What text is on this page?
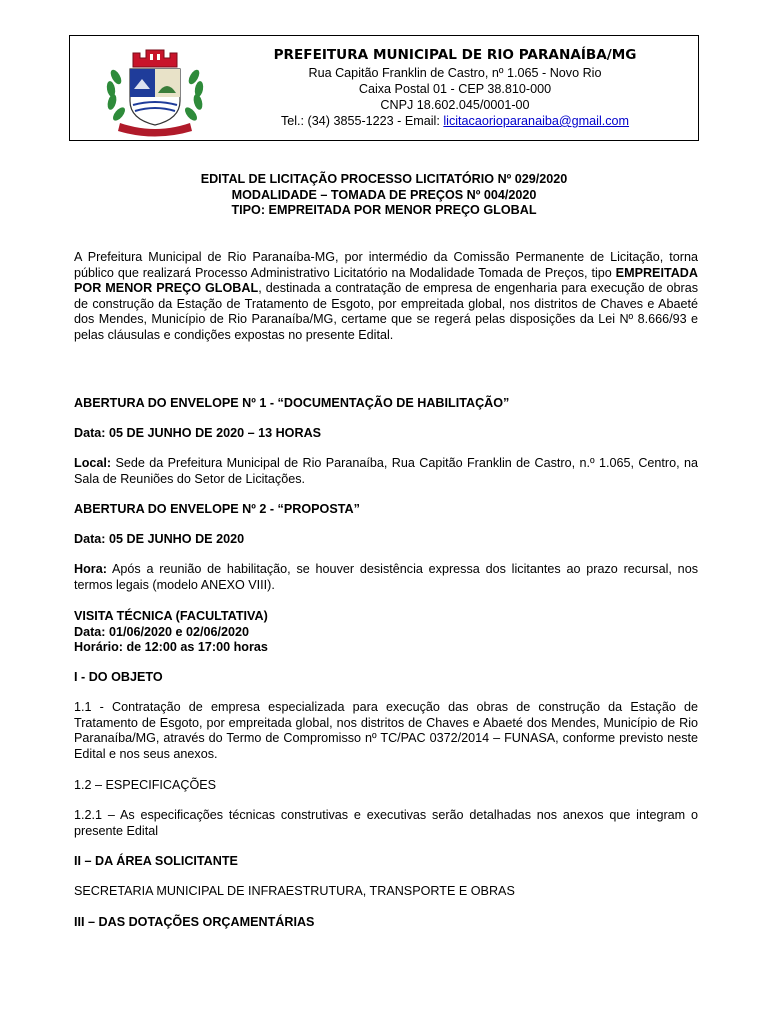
PREFEITURA MUNICIPAL DE RIO PARANAÍBA/MG
Rua Capitão Franklin de Castro, nº 1.065 - Novo Rio
Caixa Postal 01 - CEP 38.810-000
CNPJ 18.602.045/0001-00
Tel.: (34) 3855-1223 - Email: licitacaorioparanaiba@gmail.com
EDITAL DE LICITAÇÃO PROCESSO LICITATÓRIO Nº 029/2020
MODALIDADE – TOMADA DE PREÇOS Nº 004/2020
TIPO: EMPREITADA POR MENOR PREÇO GLOBAL

A Prefeitura Municipal de Rio Paranaíba-MG, por intermédio da Comissão Permanente de Licitação, torna público que realizará Processo Administrativo Licitatório na Modalidade Tomada de Preços, tipo EMPREITADA POR MENOR PREÇO GLOBAL, destinada a contratação de empresa de engenharia para execução de obras de construção da Estação de Tratamento de Esgoto, por empreitada global, nos distritos de Chaves e Abaeté dos Mendes, Município de Rio Paranaíba/MG, certame que se regerá pelas disposições da Lei Nº 8.666/93 e pelas cláusulas e condições expostas no presente Edital.

ABERTURA DO ENVELOPE Nº 1 - “DOCUMENTAÇÃO DE HABILITAÇÃO”

Data: 05 DE JUNHO DE 2020 – 13 HORAS

Local: Sede da Prefeitura Municipal de Rio Paranaíba, Rua Capitão Franklin de Castro, n.º 1.065, Centro, na Sala de Reuniões do Setor de Licitações.

ABERTURA DO ENVELOPE Nº 2 - “PROPOSTA”

Data: 05 DE JUNHO DE 2020

Hora: Após a reunião de habilitação, se houver desistência expressa dos licitantes ao prazo recursal, nos termos legais (modelo ANEXO VIII).

VISITA TÉCNICA (FACULTATIVA)
Data: 01/06/2020 e 02/06/2020
Horário: de 12:00 as 17:00 horas

I - DO OBJETO

1.1 - Contratação de empresa especializada para execução das obras de construção da Estação de Tratamento de Esgoto, por empreitada global, nos distritos de Chaves e Abaeté dos Mendes, Município de Rio Paranaíba/MG, através do Termo de Compromisso nº TC/PAC 0372/2014 – FUNASA, conforme previsto neste Edital e nos seus anexos.

1.2 – ESPECIFICAÇÕES

1.2.1 – As especificações técnicas construtivas e executivas serão detalhadas nos anexos que integram o presente Edital

II – DA ÁREA SOLICITANTE

SECRETARIA MUNICIPAL DE INFRAESTRUTURA, TRANSPORTE E OBRAS

III – DAS DOTAÇÕES ORÇAMENTÁRIAS
